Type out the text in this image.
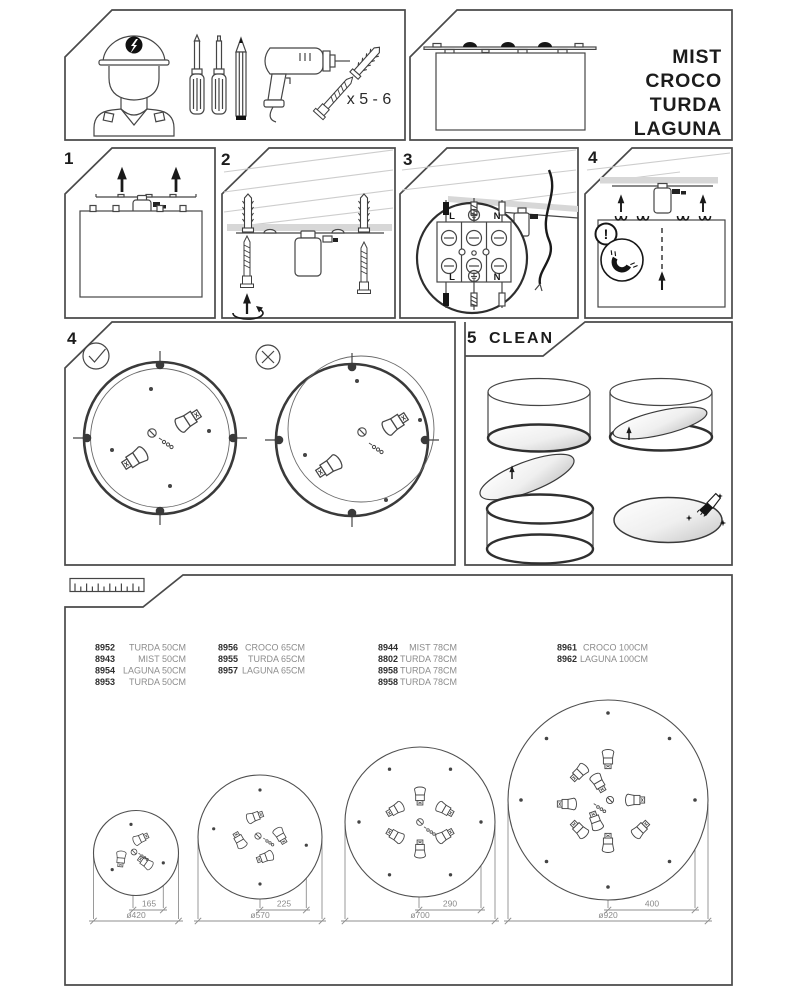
x 5 - 6
MIST
CROCO
TURDA
LAGUNA
1	2	3
L	N
L	N
4
!
4	5 CLEAN
8952 TURDA 50CM
8943	MIST 50CM
8954 LAGUNA 50CM
8953 TURDA 50CM
8956 CROCO 65CM
8955 TURDA 65CM
8957 LAGUNA 65CM
8944 MIST 78CM
8802 TURDA 78CM
8958 TURDA 78CM
8958 TURDA 78CM
8961 CROCO 100CM
8962 LAGUNA 100CM
165
ø420
225
ø570
290
ø700
400
ø920
